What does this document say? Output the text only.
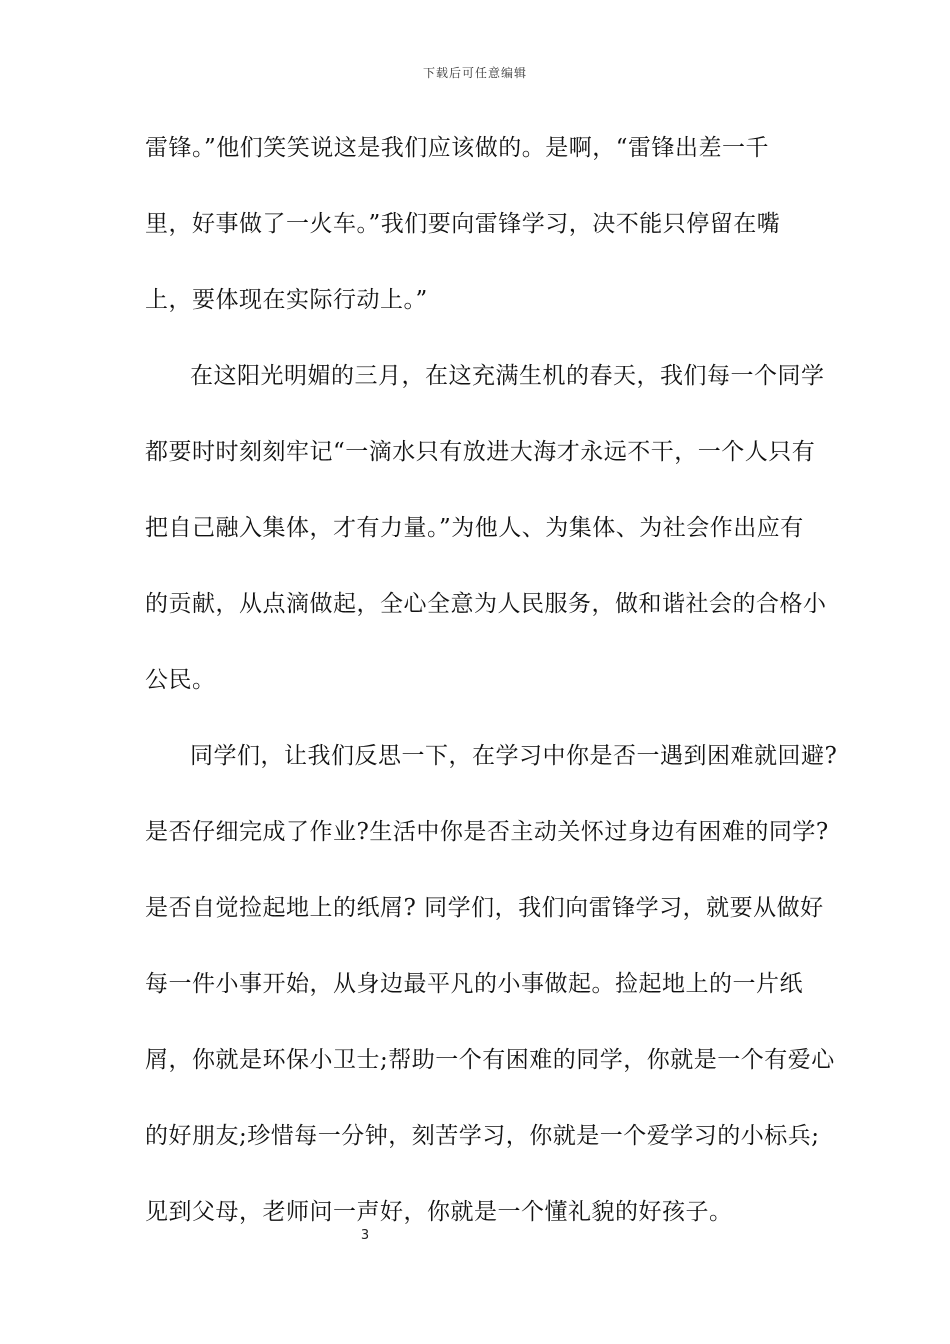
下载后可任意编辑
雷锋。”他们笑笑说这是我们应该做的。是啊，“雷锋出差一千
里，好事做了一火车。”我们要向雷锋学习，决不能只停留在嘴
上，要体现在实际行动上。”
在这阳光明媚的三月，在这充满生机的春天，我们每一个同学
都要时时刻刻牢记“一滴水只有放进大海才永远不干，一个人只有
把自己融入集体，才有力量。”为他人、为集体、为社会作出应有
的贡献，从点滴做起，全心全意为人民服务，做和谐社会的合格小
公民。
同学们，让我们反思一下，在学习中你是否一遇到困难就回避?
是否仔细完成了作业?生活中你是否主动关怀过身边有困难的同学?
是否自觉捡起地上的纸屑? 同学们，我们向雷锋学习，就要从做好
每一件小事开始，从身边最平凡的小事做起。捡起地上的一片纸
屑，你就是环保小卫士;帮助一个有困难的同学，你就是一个有爱心
的好朋友;珍惜每一分钟，刻苦学习，你就是一个爱学习的小标兵;
见到父母，老师问一声好，你就是一个懂礼貌的好孩子。
3
